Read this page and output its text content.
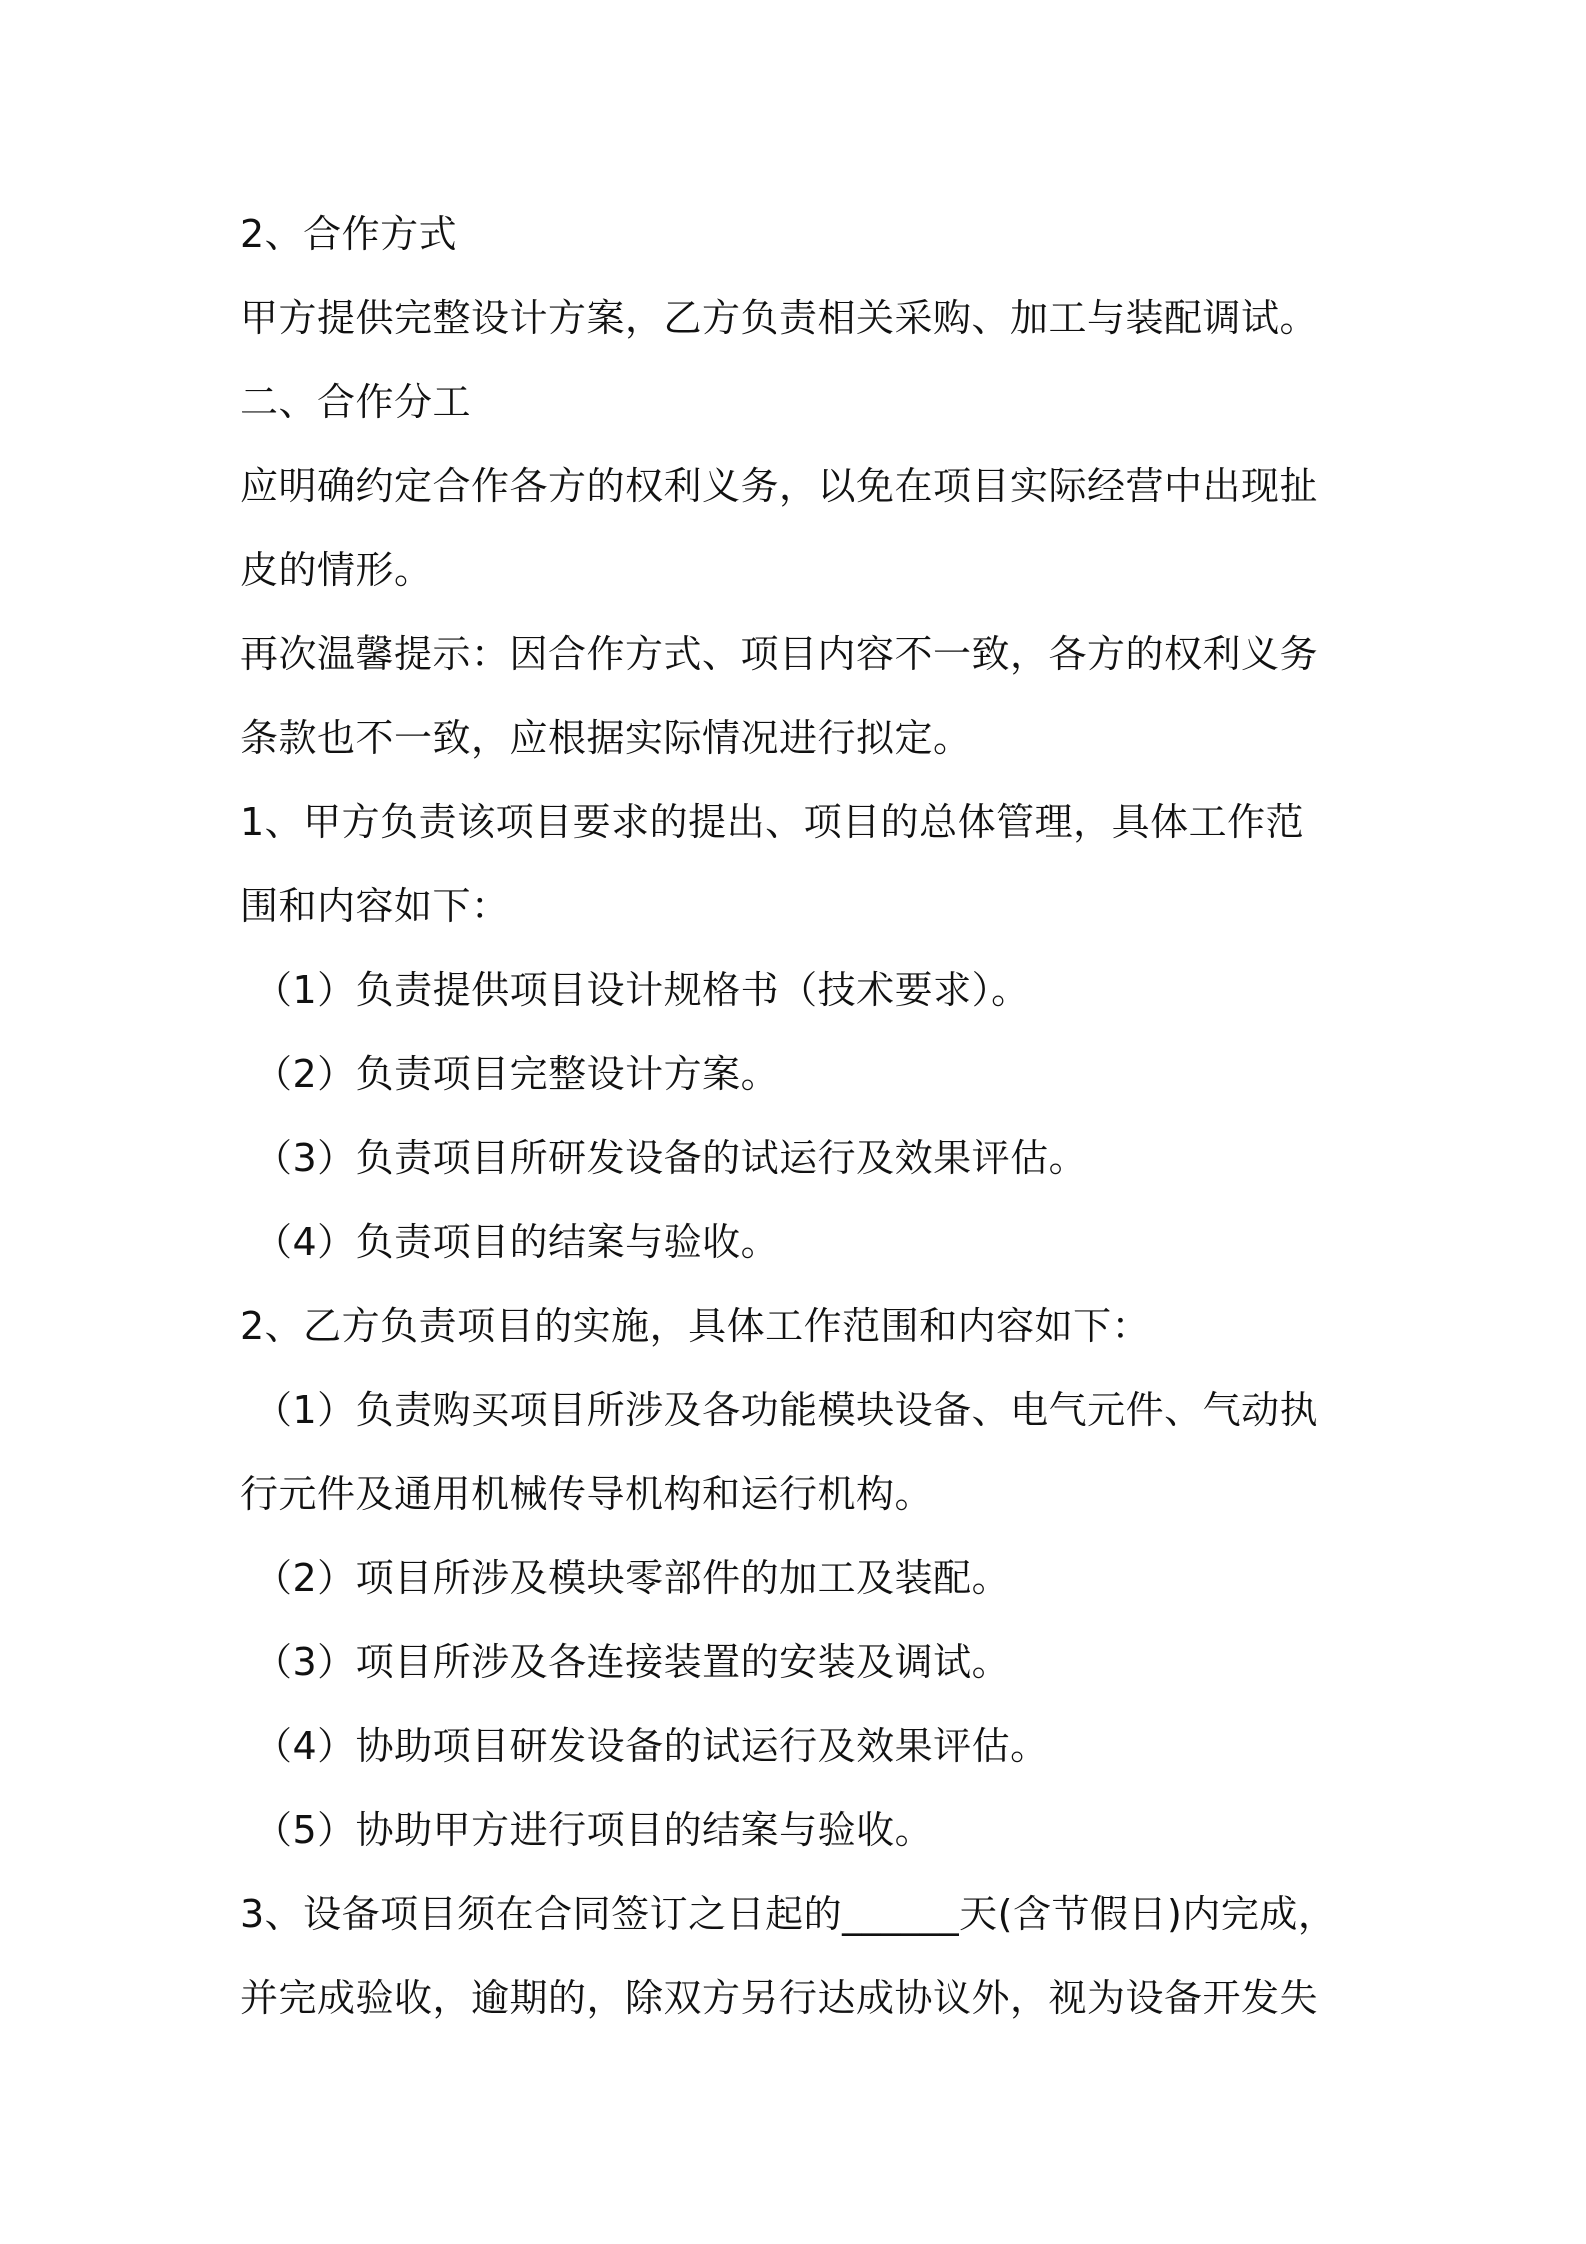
2、合作方式

甲方提供完整设计方案，乙方负责相关采购、加工与装配调试。

二、合作分工

应明确约定合作各方的权利义务，以免在项目实际经营中出现扯

皮的情形。

再次温馨提示：因合作方式、项目内容不一致，各方的权利义务

条款也不一致，应根据实际情况进行拟定。

1、甲方负责该项目要求的提出、项目的总体管理，具体工作范

围和内容如下：

（1）负责提供项目设计规格书（技术要求）。

（2）负责项目完整设计方案。

（3）负责项目所研发设备的试运行及效果评估。

（4）负责项目的结案与验收。

2、乙方负责项目的实施，具体工作范围和内容如下：

（1）负责购买项目所涉及各功能模块设备、电气元件、气动执

行元件及通用机械传导机构和运行机构。

（2）项目所涉及模块零部件的加工及装配。

（3）项目所涉及各连接装置的安装及调试。

（4）协助项目研发设备的试运行及效果评估。

（5）协助甲方进行项目的结案与验收。

3、设备项目须在合同签订之日起的______天(含节假日)内完成，

并完成验收，逾期的，除双方另行达成协议外，视为设备开发失
